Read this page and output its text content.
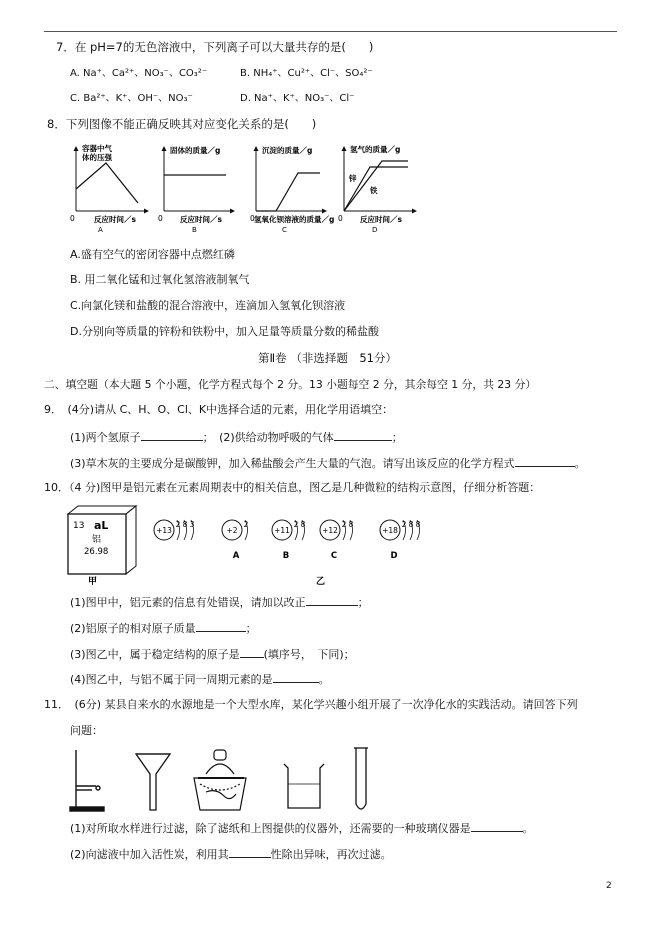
7．在 pH=7的无色溶液中，下列离子可以大量共存的是(　　)
A. Na⁺、Ca²⁺、NO₃⁻、CO₃²⁻	B. NH₄⁺、Cu²⁺、Cl⁻、SO₄²⁻
C. Ba²⁺、K⁺、OH⁻、NO₃⁻	D. Na⁺、K⁺、NO₃⁻、Cl⁻
8．下列图像不能正确反映其对应变化关系的是(　　)
容器中气
体的压强
0	反应时间／s
A
固体的质量／g
0 反应时间／s
B
沉淀的质量／g
0 氢氧化钡溶液的质量／g
C
氢气的质量／g
锌
铁
0 反应时间／s
D
A.盛有空气的密闭容器中点燃红磷
B. 用二氧化锰和过氧化氢溶液制氧气
C.向氯化镁和盐酸的混合溶液中，连滴加入氢氧化钡溶液
D.分别向等质量的锌粉和铁粉中，加入足量等质量分数的稀盐酸
第Ⅱ卷 （非选择题　51分）
二、填空题（本大题 5 个小题，化学方程式每个 2 分。13 小题每空 2 分，其余每空 1 分，共 23 分）
9．　(4分)请从 C、H、O、Cl、K中选择合适的元素，用化学用语填空：
(1)两个氢原子	；　(2)供给动物呼吸的气体	；
(3)草木灰的主要成分是碳酸钾，加入稀盐酸会产生大量的气泡。请写出该反应的化学方程式	。
10．（4 分)图甲是铝元素在元素周期表中的相关信息，图乙是几种微粒的结构示意图，仔细分析答题：
13 aL
铝
26.98
甲
+13
2 8 3
+2
2
A
+11
2 8
B
+12
2 8
C
+18
2 8 8
D
乙
(1)图甲中，铝元素的信息有处错误，请加以改正	；
(2)铝原子的相对原子质量	；
(3)图乙中，属于稳定结构的原子是 (填序号，　下同)；
(4)图乙中，与铝不属于同一周期元素的是	。
11．　(6分) 某县自来水的水源地是一个大型水库，某化学兴趣小组开展了一次净化水的实践活动。请回答下列
问题：
(1)对所取水样进行过滤，除了滤纸和上图提供的仪器外，还需要的一种玻璃仪器是	。
(2)向滤液中加入活性炭，利用其	性除出异味，再次过滤。
2
